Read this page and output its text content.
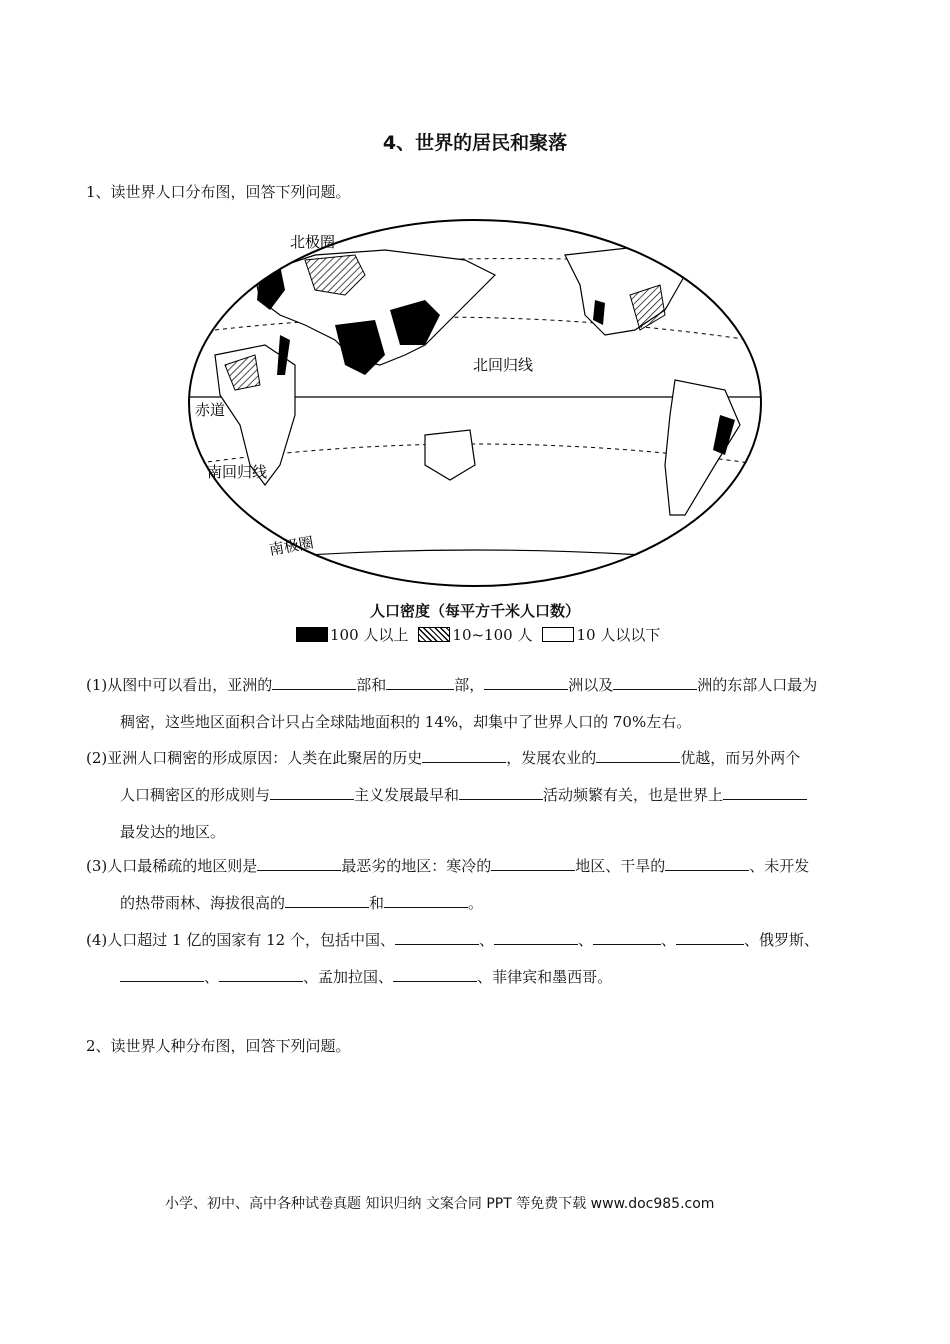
4、世界的居民和聚落
1、读世界人口分布图，回答下列问题。
北极圈
北回归线
赤道
南回归线
南极圈
人口密度（每平方千米人口数）
100 人以上	10~100 人	10 人以以下
(1)从图中可以看出，亚洲的	部和	部，	洲以及	洲的东部人口最为
稠密，这些地区面积合计只占全球陆地面积的 14%，却集中了世界人口的 70%左右。
(2)亚洲人口稠密的形成原因：人类在此聚居的历史	，发展农业的	优越，而另外两个
人口稠密区的形成则与	主义发展最早和	活动频繁有关，也是世界上
最发达的地区。
(3)人口最稀疏的地区则是	最恶劣的地区：寒冷的	地区、干旱的	、未开发
的热带雨林、海拔很高的	和	。
(4)人口超过 1 亿的国家有 12 个，包括中国、	、	、	、	、俄罗斯、
、	、孟加拉国、	、菲律宾和墨西哥。
2、读世界人种分布图，回答下列问题。
小学、初中、高中各种试卷真题 知识归纳 文案合同 PPT 等免费下载 www.doc985.com
